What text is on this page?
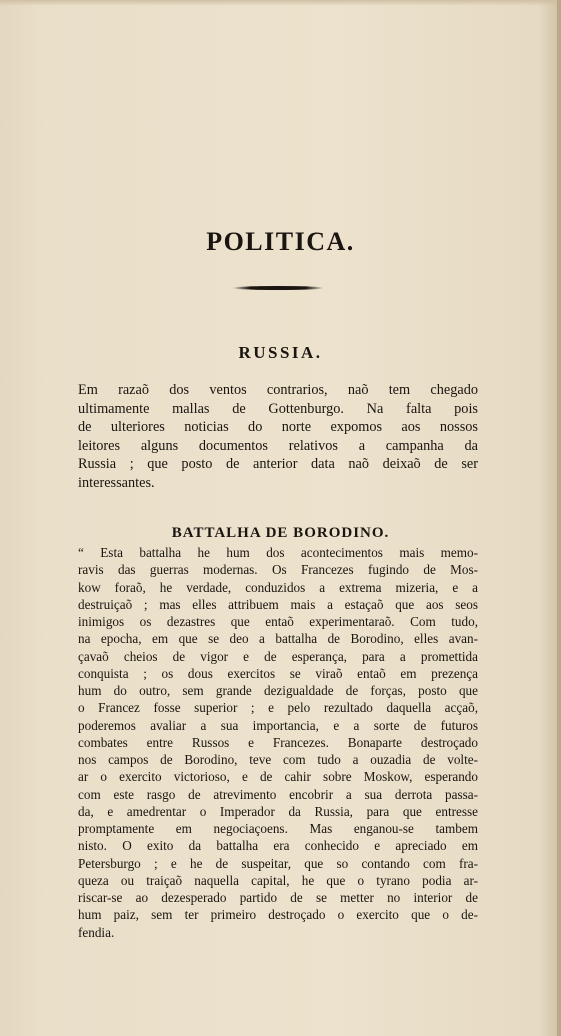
POLITICA.
RUSSIA.
Em razaõ dos ventos contrarios, naõ tem chegado
ultimamente mallas de Gottenburgo. Na falta pois
de ulteriores noticias do norte expomos aos nossos
leitores alguns documentos relativos a campanha da
Russia ; que posto de anterior data naõ deixaõ de ser
interessantes.
BATTALHA DE BORODINO.
“ Esta battalha he hum dos acontecimentos mais memo-
ravis das guerras modernas. Os Francezes fugindo de Mos-
kow foraõ, he verdade, conduzidos a extrema mizeria, e a
destruiçaõ ; mas elles attribuem mais a estaçaõ que aos seos
inimigos os dezastres que entaõ experimentaraõ. Com tudo,
na epocha, em que se deo a battalha de Borodino, elles avan-
çavaõ cheios de vigor e de esperança, para a promettida
conquista ; os dous exercitos se viraõ entaõ em prezença
hum do outro, sem grande dezigualdade de forças, posto que
o Francez fosse superior ; e pelo rezultado daquella acçaõ,
poderemos avaliar a sua importancia, e a sorte de futuros
combates entre Russos e Francezes. Bonaparte destroçado
nos campos de Borodino, teve com tudo a ouzadia de volte-
ar o exercito victorioso, e de cahir sobre Moskow, esperando
com este rasgo de atrevimento encobrir a sua derrota passa-
da, e amedrentar o Imperador da Russia, para que entresse
promptamente em negociaçoens. Mas enganou-se tambem
nisto. O exito da battalha era conhecido e apreciado em
Petersburgo ; e he de suspeitar, que so contando com fra-
queza ou traiçaõ naquella capital, he que o tyrano podia ar-
riscar-se ao dezesperado partido de se metter no interior de
hum paiz, sem ter primeiro destroçado o exercito que o de-
fendia.
